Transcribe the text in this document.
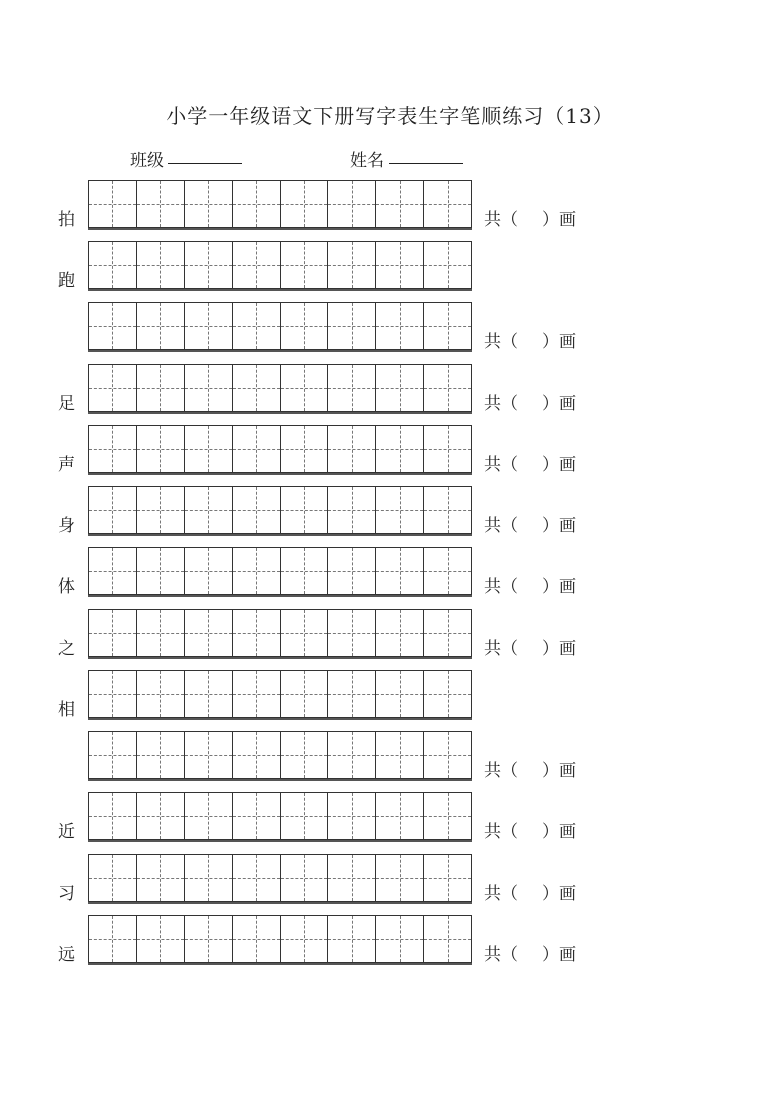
小学一年级语文下册写字表生字笔顺练习（13）
班级	姓名
拍
跑
足
声
身
体
之
相
近
习
远
共（ ）画
共（ ）画
共（ ）画
共（ ）画
共（ ）画
共（ ）画
共（ ）画
共（ ）画
共（ ）画
共（ ）画
共（ ）画
